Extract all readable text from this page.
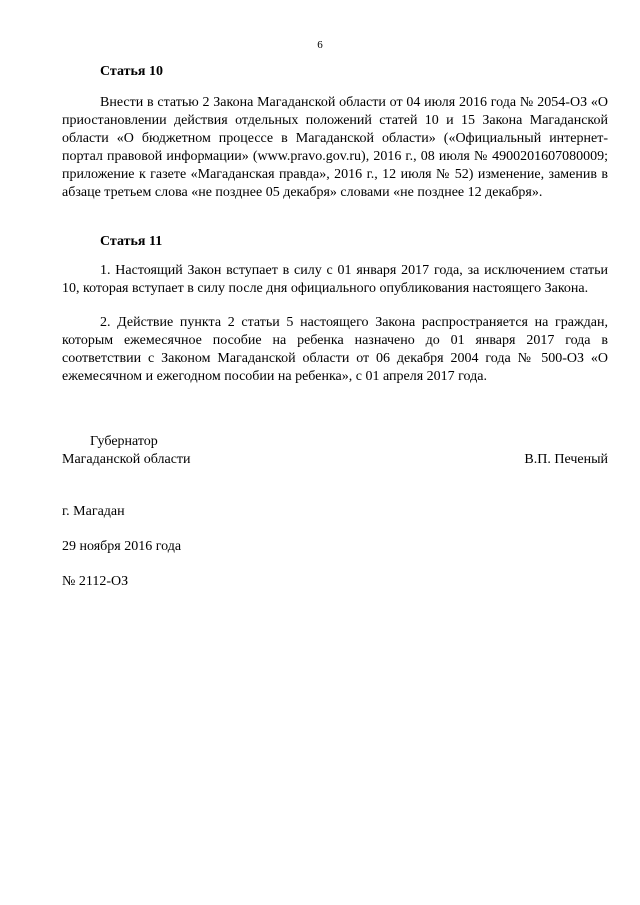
6
Статья 10

Внести в статью 2 Закона Магаданской области от 04 июля 2016 года № 2054-ОЗ «О приостановлении действия отдельных положений статей 10 и 15 Закона Магаданской области «О бюджетном процессе в Магаданской области» («Официальный интернет-портал правовой информации» (www.pravo.gov.ru), 2016 г., 08 июля № 4900201607080009; приложение к газете «Магаданская правда», 2016 г., 12 июля № 52) изменение, заменив в абзаце третьем слова «не позднее 05 декабря» словами «не позднее 12 декабря».

Статья 11

1. Настоящий Закон вступает в силу с 01 января 2017 года, за исключением статьи 10, которая вступает в силу после дня официального опубликования настоящего Закона.

2. Действие пункта 2 статьи 5 настоящего Закона распространяется на граждан, которым ежемесячное пособие на ребенка назначено до 01 января 2017 года в соответствии с Законом Магаданской области от 06 декабря 2004 года № 500-ОЗ «О ежемесячном и ежегодном пособии на ребенка», с 01 апреля 2017 года.

Губернатор
Магаданской области	В.П. Печеный
г. Магадан
29 ноября 2016 года
№ 2112-ОЗ
